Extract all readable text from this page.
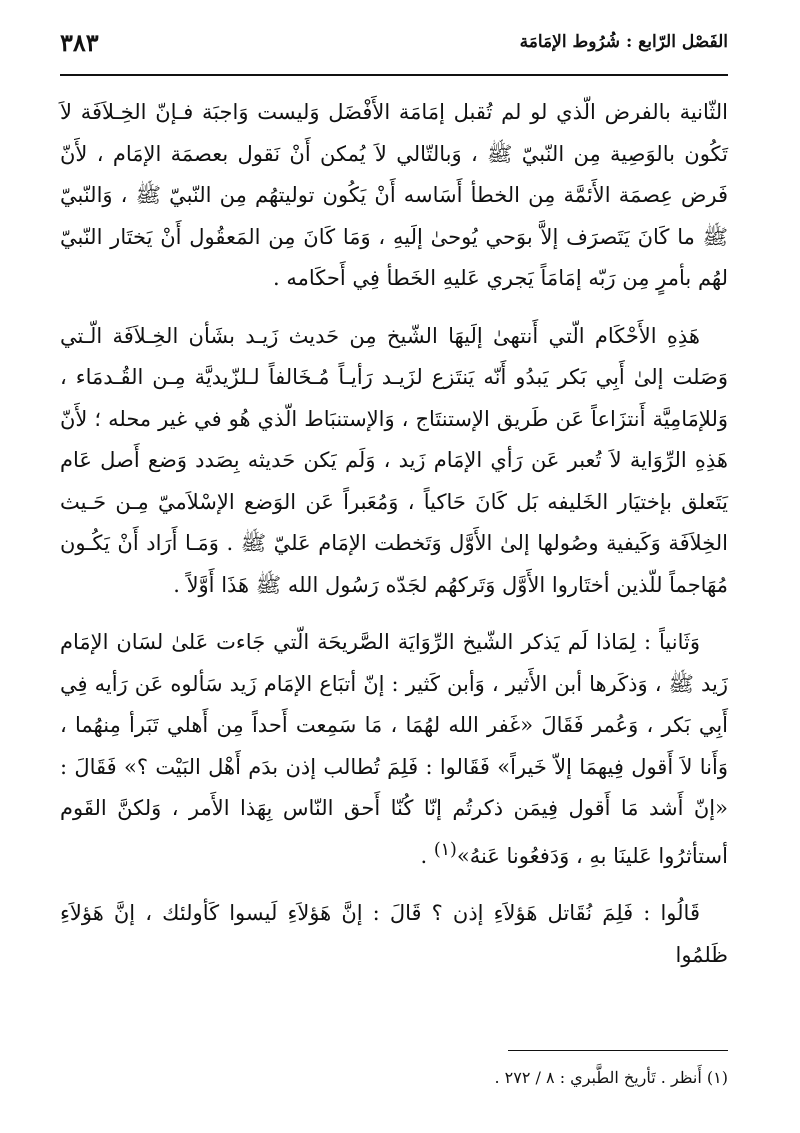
الفَصْل الرّابع : شُرُوط الإمَامَة
٣٨٣

الثّانية بالفرض الّذي لو لم تُقبل إمَامَة الأَفْضَل وَليست وَاجبَة فـإنّ الخِـلاَفَة لاَ تَكُون بالوَصِية مِن النّبيّ ﷺ ، وَبالتّالي لاَ يُمكن أَنْ نَقول بعصمَة الإمَام ، لأَنّ فَرض عِصمَة الأَئمَّة مِن الخطأ أَسَاسه أَنْ يَكُون توليتهُم مِن النّبيّ ﷺ ، وَالنّبيّ ﷺ ما كَانَ يَتَصرَف إلاَّ بوَحي يُوحىٰ إلَيهِ ، وَمَا كَانَ مِن المَعقُول أَنْ يَختَار النّبيّ لهُم بأمرٍ مِن رَبّه إمَامَاً يَجري عَليهِ الخَطأ فِي أَحكَامه .

هَذِهِ الأَحْكَام الّتي أَنتهىٰ إلَيهَا الشّيخ مِن حَديث زَيـد بشَأن الخِـلاَفَة الّـتي وَصَلت إلىٰ أَبِي بَكر يَبدُو أَنّه يَنتَزع لزَيـد رَأيـاً مُـخَالفاً لـلزّيديَّة مِـن القُـدمَاء ، وَللإمَامِيَّة أَنتزَاعاً عَن طَريق الإستنتَاج ، وَالإستنبَاط الّذي هُو في غير محله ؛ لأَنّ هَذِهِ الرِّوَاية لاَ تُعبر عَن رَأي الإمَام زَيد ، وَلَم يَكن حَديثه بِصَدد وَضع أَصل عَام يَتَعلق بإختيَار الخَليفه بَل كَانَ حَاكياً ، وَمُعَبراً عَن الوَضع الإسْلاَميّ مِـن حَـيث الخِلاَفَة وَكَيفية وصُولها إلىٰ الأَوَّل وَتَخطت الإمَام عَليّ ﷺ . وَمَـا أَرَاد أَنْ يَكُـون مُهَاجماً للّذين أختَاروا الأَوَّل وَتَركهُم لجَدّه رَسُول الله ﷺ هَذَا أَوَّلاً .

وَثَانياً : لِمَاذا لَم يَذكر الشّيخ الرِّوَايَة الصَّريحَة الّتي جَاءت عَلىٰ لسَان الإمَام زَيد ﷺ ، وَذكَرها أبن الأَثير ، وَأبن كَثير : إنّ أتبَاع الإمَام زَيد سَألوه عَن رَأيه فِي أَبِي بَكر ، وَعُمر فَقَالَ «غَفر الله لهُمَا ، مَا سَمِعت أَحداً مِن أَهلي تَبَرأ مِنهُما ، وَأَنا لاَ أَقول فِيهمَا إلاّ خَيراً» فَقَالوا : فَلِمَ تُطالب إذن بدَم أَهْل البَيْت ؟» فَقَالَ : «إنّ أَشد مَا أَقول فِيمَن ذكرتُم إنّا كُنّا أَحق النّاس بِهَذا الأَمر ، وَلكنَّ القَوم أستأثرُوا عَلينَا بهِ ، وَدَفعُونا عَنهُ»$^{(١)}$ .

قَالُوا : فَلِمَ نُقَاتل هَؤلاَءِ إذن ؟ قَالَ : إنَّ هَؤلاَءِ لَيسوا كَأولئك ، إنَّ هَؤلاَءِ ظَلمُوا

(١) أَنظر . تَأريخ الطَّبري : ٨ / ٢٧٢ .
